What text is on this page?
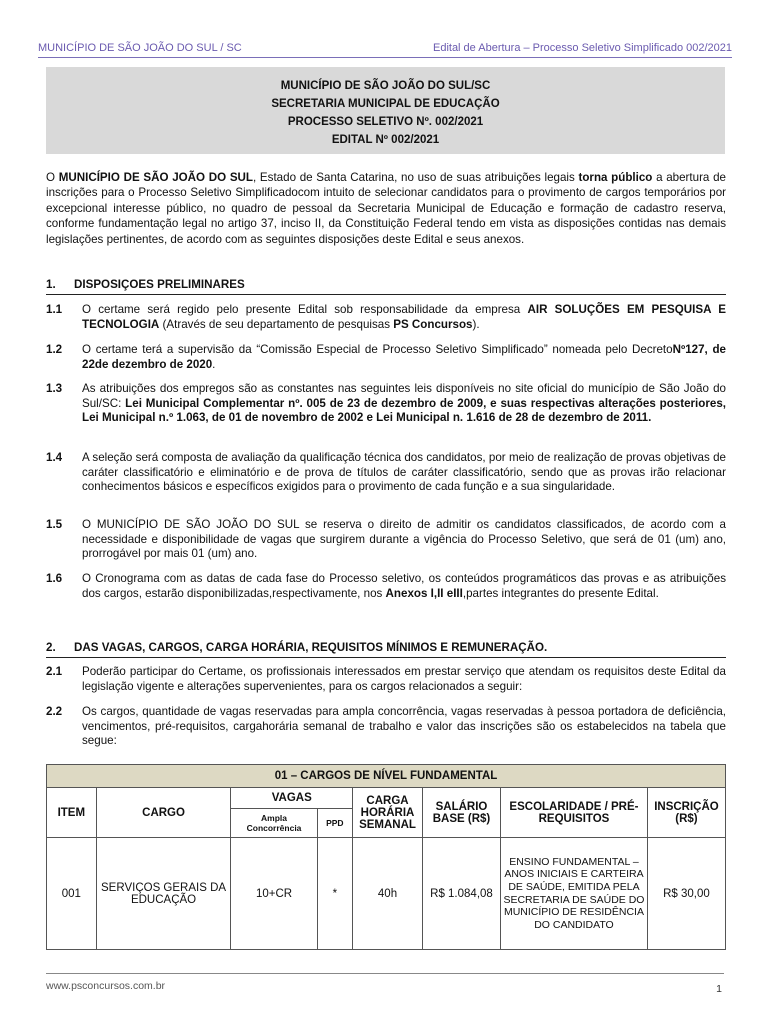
MUNICÍPIO DE SÃO JOÃO DO SUL / SC	Edital de Abertura – Processo Seletivo Simplificado 002/2021
MUNICÍPIO DE SÃO JOÃO DO SUL/SC
SECRETARIA MUNICIPAL DE EDUCAÇÃO
PROCESSO SELETIVO Nº. 002/2021
EDITAL Nº 002/2021
O MUNICÍPIO DE SÃO JOÃO DO SUL, Estado de Santa Catarina, no uso de suas atribuições legais torna público a abertura de inscrições para o Processo Seletivo Simplificadocom intuito de selecionar candidatos para o provimento de cargos temporários por excepcional interesse público, no quadro de pessoal da Secretaria Municipal de Educação e formação de cadastro reserva, conforme fundamentação legal no artigo 37, inciso II, da Constituição Federal tendo em vista as disposições contidas nas demais legislações pertinentes, de acordo com as seguintes disposições deste Edital e seus anexos.
1. DISPOSIÇOES PRELIMINARES
1.1 O certame será regido pelo presente Edital sob responsabilidade da empresa AIR SOLUÇÕES EM PESQUISA E TECNOLOGIA (Através de seu departamento de pesquisas PS Concursos).
1.2 O certame terá a supervisão da “Comissão Especial de Processo Seletivo Simplificado” nomeada pelo DecretoNº127, de 22de dezembro de 2020.
1.3 As atribuições dos empregos são as constantes nas seguintes leis disponíveis no site oficial do município de São João do Sul/SC: Lei Municipal Complementar nº. 005 de 23 de dezembro de 2009, e suas respectivas alterações posteriores, Lei Municipal n.º 1.063, de 01 de novembro de 2002 e Lei Municipal n. 1.616 de 28 de dezembro de 2011.
1.4 A seleção será composta de avaliação da qualificação técnica dos candidatos, por meio de realização de provas objetivas de caráter classificatório e eliminatório e de prova de títulos de caráter classificatório, sendo que as provas irão relacionar conhecimentos básicos e específicos exigidos para o provimento de cada função e a sua singularidade.
1.5 O MUNICÍPIO DE SÃO JOÃO DO SUL se reserva o direito de admitir os candidatos classificados, de acordo com a necessidade e disponibilidade de vagas que surgirem durante a vigência do Processo Seletivo, que será de 01 (um) ano, prorrogável por mais 01 (um) ano.
1.6 O Cronograma com as datas de cada fase do Processo seletivo, os conteúdos programáticos das provas e as atribuições dos cargos, estarão disponibilizadas,respectivamente, nos Anexos I,II eIII,partes integrantes do presente Edital.
2. DAS VAGAS, CARGOS, CARGA HORÁRIA, REQUISITOS MÍNIMOS E REMUNERAÇÃO.
2.1 Poderão participar do Certame, os profissionais interessados em prestar serviço que atendam os requisitos deste Edital da legislação vigente e alterações supervenientes, para os cargos relacionados a seguir:
2.2 Os cargos, quantidade de vagas reservadas para ampla concorrência, vagas reservadas à pessoa portadora de deficiência, vencimentos, pré-requisitos, cargahorária semanal de trabalho e valor das inscrições são os estabelecidos na tabela que segue:
01 – CARGOS DE NÍVEL FUNDAMENTAL							
ITEM	CARGO	VAGAS		CARGA HORÁRIA SEMANAL	SALÁRIO BASE (R$)	ESCOLARIDADE / PRÉ-REQUISITOS	INSCRIÇÃO (R$)
		Ampla Concorrência	PPD				
001	SERVIÇOS GERAIS DA EDUCAÇÃO	10+CR	*	40h	R$ 1.084,08	ENSINO FUNDAMENTAL – ANOS INICIAIS E CARTEIRA DE SAÚDE, EMITIDA PELA SECRETARIA DE SAÚDE DO MUNICÍPIO DE RESIDÊNCIA DO CANDIDATO	R$ 30,00
www.psconcursos.com.br	1
